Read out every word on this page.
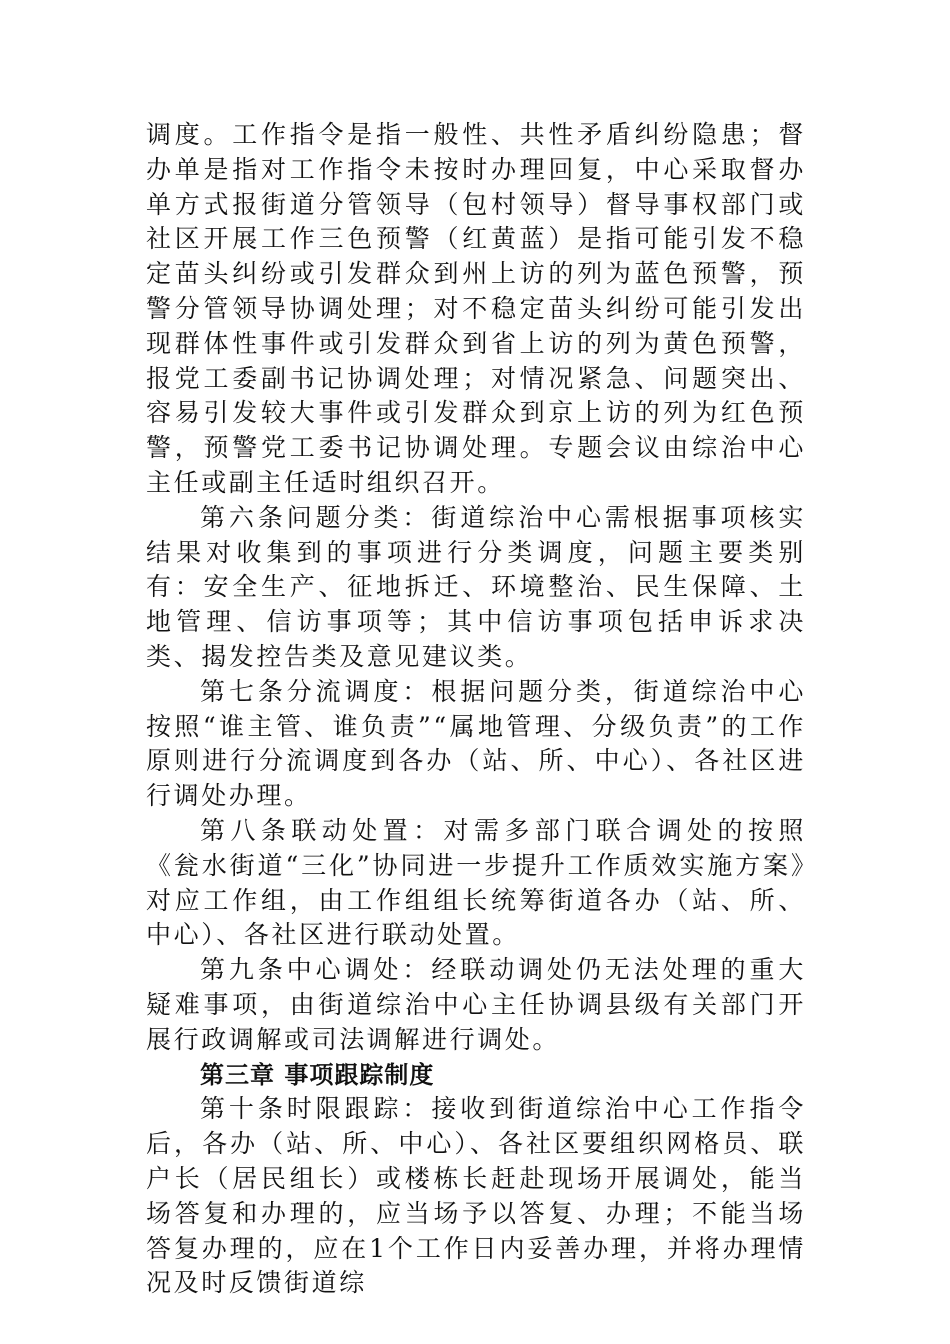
调度。工作指令是指一般性、共性矛盾纠纷隐患；督办单是指对工作指令未按时办理回复，中心采取督办单方式报街道分管领导（包村领导）督导事权部门或社区开展工作三色预警（红黄蓝）是指可能引发不稳定苗头纠纷或引发群众到州上访的列为蓝色预警，预警分管领导协调处理；对不稳定苗头纠纷可能引发出现群体性事件或引发群众到省上访的列为黄色预警，报党工委副书记协调处理；对情况紧急、问题突出、容易引发较大事件或引发群众到京上访的列为红色预警，预警党工委书记协调处理。专题会议由综治中心主任或副主任适时组织召开。

第六条问题分类：街道综治中心需根据事项核实结果对收集到的事项进行分类调度，问题主要类别有：安全生产、征地拆迁、环境整治、民生保障、土地管理、信访事项等；其中信访事项包括申诉求决类、揭发控告类及意见建议类。

第七条分流调度：根据问题分类，街道综治中心按照“谁主管、谁负责”“属地管理、分级负责”的工作原则进行分流调度到各办（站、所、中心）、各社区进行调处办理。

第八条联动处置：对需多部门联合调处的按照《瓮水街道“三化”协同进一步提升工作质效实施方案》对应工作组，由工作组组长统筹街道各办（站、所、中心）、各社区进行联动处置。

第九条中心调处：经联动调处仍无法处理的重大疑难事项，由街道综治中心主任协调县级有关部门开展行政调解或司法调解进行调处。

第三章 事项跟踪制度

第十条时限跟踪：接收到街道综治中心工作指令后，各办（站、所、中心）、各社区要组织网格员、联户长（居民组长）或楼栋长赶赴现场开展调处，能当场答复和办理的，应当场予以答复、办理；不能当场答复办理的，应在1个工作日内妥善办理，并将办理情况及时反馈街道综
